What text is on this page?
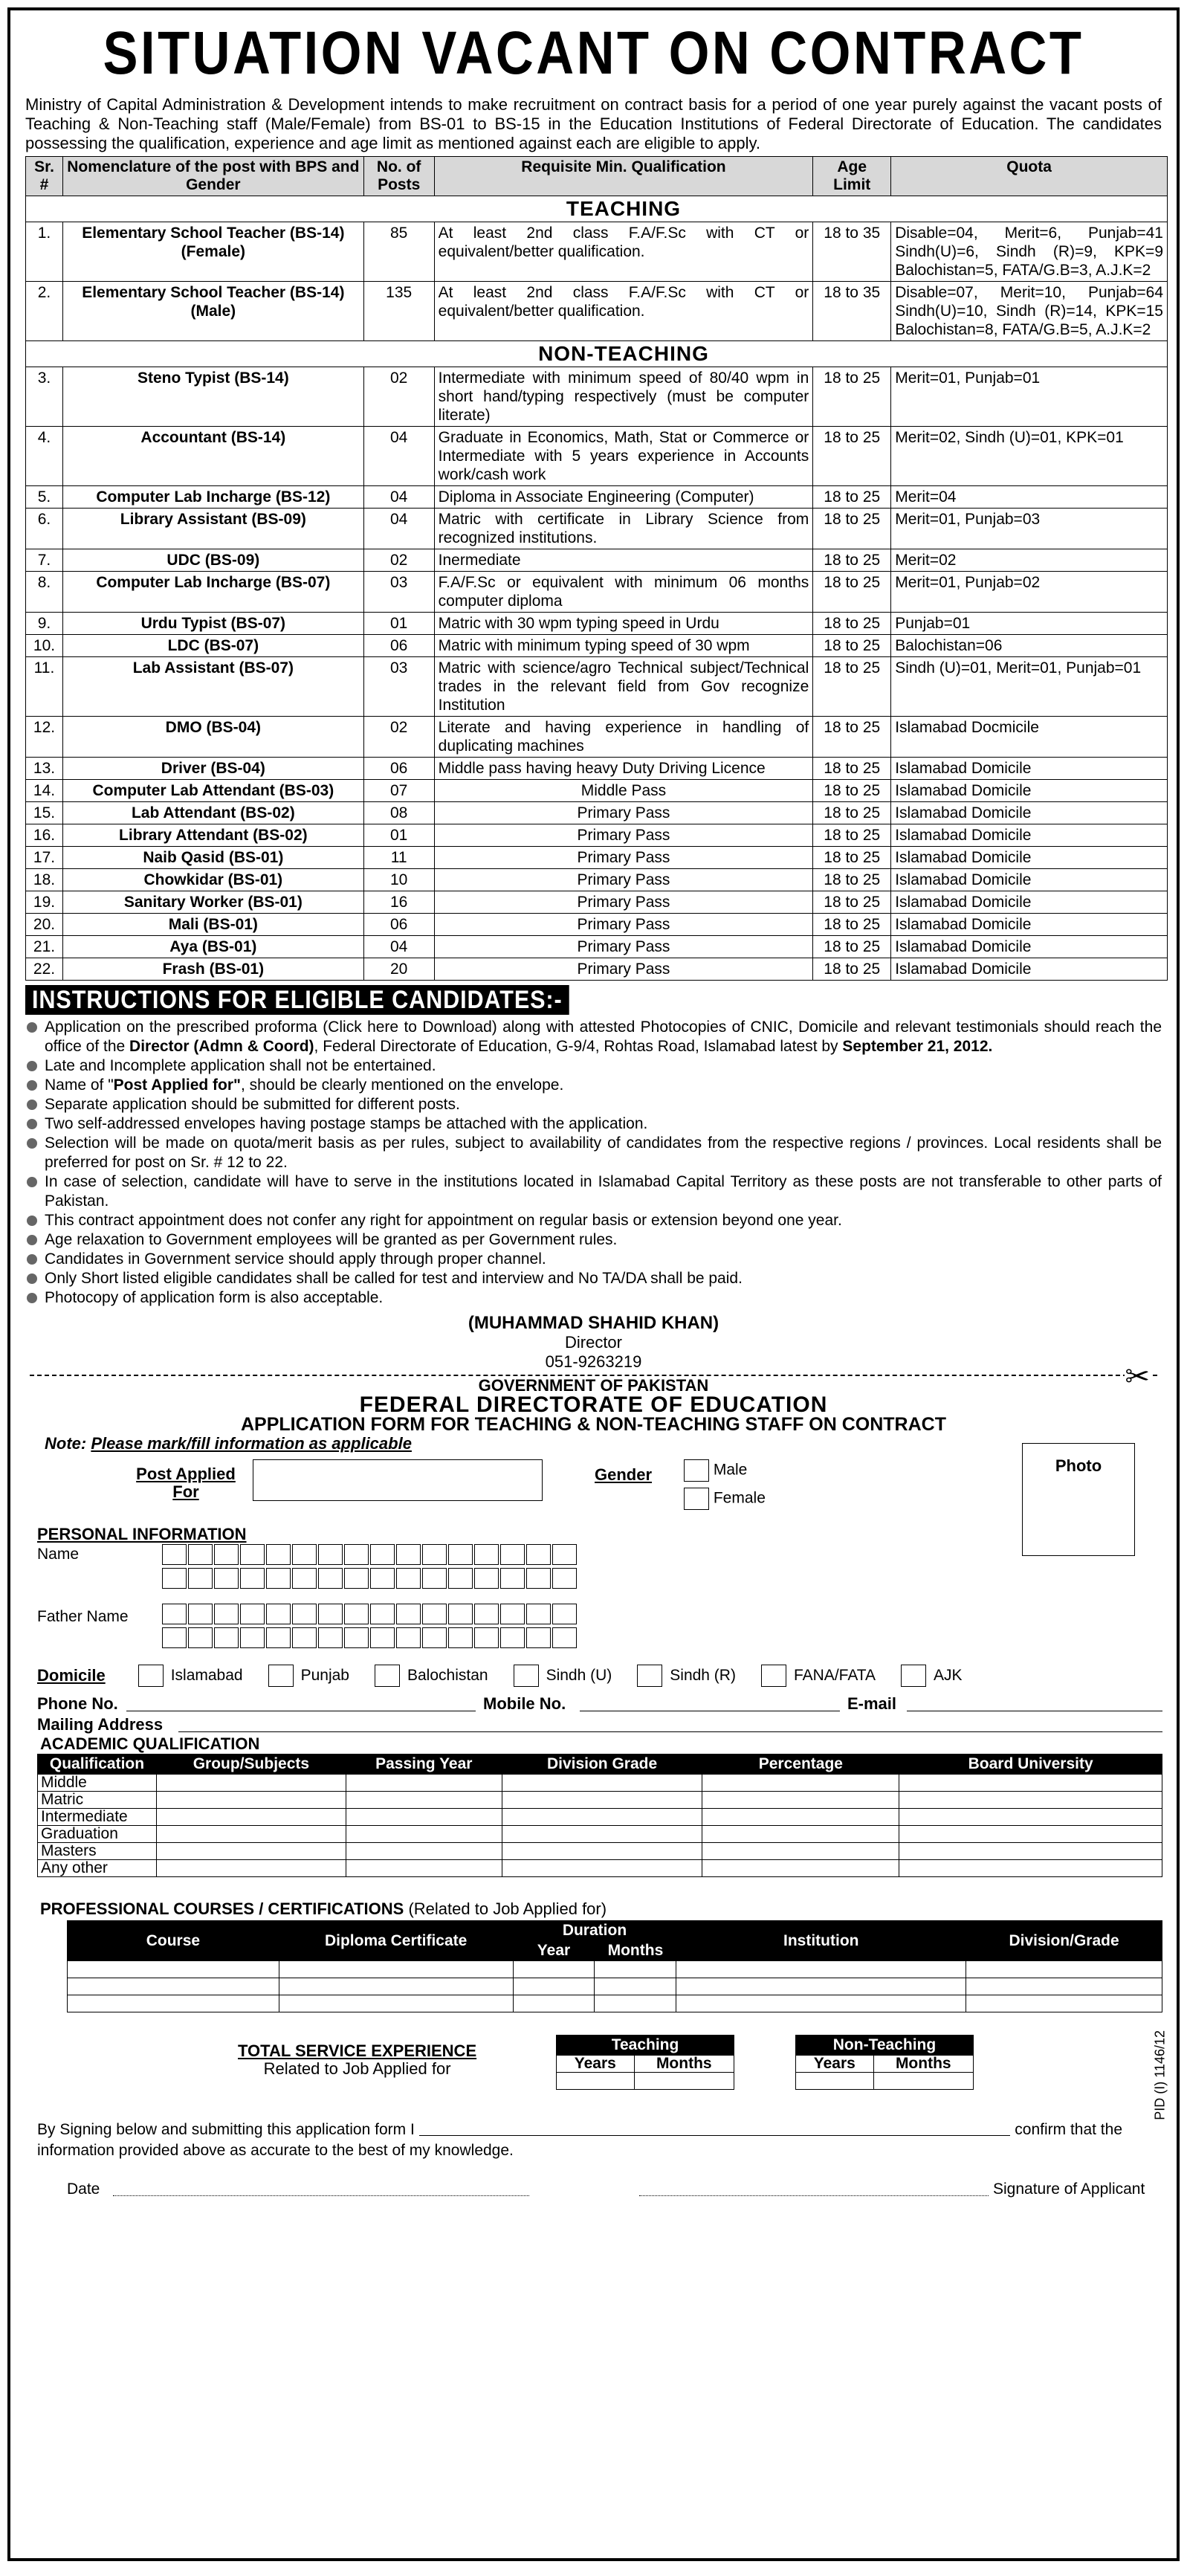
SITUATION VACANT ON CONTRACT
Ministry of Capital Administration & Development intends to make recruitment on contract basis for a period of one year purely against the vacant posts of Teaching & Non-Teaching staff (Male/Female) from BS-01 to BS-15 in the Education Institutions of Federal Directorate of Education. The candidates possessing the qualification, experience and age limit as mentioned against each are eligible to apply.
Sr. #	Nomenclature of the post with BPS and Gender	No. of Posts	Requisite Min. Qualification	Age Limit	Quota
			TEACHING		
1.	Elementary School Teacher (BS-14) (Female)	85	At least 2nd class F.A/F.Sc with CT or equivalent/better qualification.	18 to 35	Disable=04, Merit=6, Punjab=41 Sindh(U)=6, Sindh (R)=9, KPK=9 Balochistan=5, FATA/G.B=3, A.J.K=2
2.	Elementary School Teacher (BS-14) (Male)	135	At least 2nd class F.A/F.Sc with CT or equivalent/better qualification.	18 to 35	Disable=07, Merit=10, Punjab=64 Sindh(U)=10, Sindh (R)=14, KPK=15 Balochistan=8, FATA/G.B=5, A.J.K=2
			NON-TEACHING		
3.	Steno Typist (BS-14)	02	Intermediate with minimum speed of 80/40 wpm in short hand/typing respectively (must be computer literate)	18 to 25	Merit=01, Punjab=01
4.	Accountant (BS-14)	04	Graduate in Economics, Math, Stat or Commerce or Intermediate with 5 years experience in Accounts work/cash work	18 to 25	Merit=02, Sindh (U)=01, KPK=01
5.	Computer Lab Incharge (BS-12)	04	Diploma in Associate Engineering (Computer)	18 to 25	Merit=04
6.	Library Assistant (BS-09)	04	Matric with certificate in Library Science from recognized institutions.	18 to 25	Merit=01, Punjab=03
7.	UDC (BS-09)	02	Inermediate	18 to 25	Merit=02
8.	Computer Lab Incharge (BS-07)	03	F.A/F.Sc or equivalent with minimum 06 months computer diploma	18 to 25	Merit=01, Punjab=02
9.	Urdu Typist (BS-07)	01	Matric with 30 wpm typing speed in Urdu	18 to 25	Punjab=01
10.	LDC (BS-07)	06	Matric with minimum typing speed of 30 wpm	18 to 25	Balochistan=06
11.	Lab Assistant (BS-07)	03	Matric with science/agro Technical subject/Technical trades in the relevant field from Gov recognize Institution	18 to 25	Sindh (U)=01, Merit=01, Punjab=01
12.	DMO (BS-04)	02	Literate and having experience in handling of duplicating machines	18 to 25	Islamabad Docmicile
13.	Driver (BS-04)	06	Middle pass having heavy Duty Driving Licence	18 to 25	Islamabad Domicile
14.	Computer Lab Attendant (BS-03)	07	Middle Pass	18 to 25	Islamabad Domicile
15.	Lab Attendant (BS-02)	08	Primary Pass	18 to 25	Islamabad Domicile
16.	Library Attendant (BS-02)	01	Primary Pass	18 to 25	Islamabad Domicile
17.	Naib Qasid (BS-01)	11	Primary Pass	18 to 25	Islamabad Domicile
18.	Chowkidar (BS-01)	10	Primary Pass	18 to 25	Islamabad Domicile
19.	Sanitary Worker (BS-01)	16	Primary Pass	18 to 25	Islamabad Domicile
20.	Mali (BS-01)	06	Primary Pass	18 to 25	Islamabad Domicile
21.	Aya (BS-01)	04	Primary Pass	18 to 25	Islamabad Domicile
22.	Frash (BS-01)	20	Primary Pass	18 to 25	Islamabad Domicile
INSTRUCTIONS FOR ELIGIBLE CANDIDATES:-
Application on the prescribed proforma (Click here to Download) along with attested Photocopies of CNIC, Domicile and relevant testimonials should reach the office of the Director (Admn & Coord), Federal Directorate of Education, G-9/4, Rohtas Road, Islamabad latest by September 21, 2012.
Late and Incomplete application shall not be entertained.
Name of "Post Applied for", should be clearly mentioned on the envelope.
Separate application should be submitted for different posts.
Two self-addressed envelopes having postage stamps be attached with the application.
Selection will be made on quota/merit basis as per rules, subject to availability of candidates from the respective regions / provinces. Local residents shall be preferred for post on Sr. # 12 to 22.
In case of selection, candidate will have to serve in the institutions located in Islamabad Capital Territory as these posts are not transferable to other parts of Pakistan.
This contract appointment does not confer any right for appointment on regular basis or extension beyond one year.
Age relaxation to Government employees will be granted as per Government rules.
Candidates in Government service should apply through proper channel.
Only Short listed eligible candidates shall be called for test and interview and No TA/DA shall be paid.
Photocopy of application form is also acceptable.
(MUHAMMAD SHAHID KHAN)
Director
051-9263219	✂
GOVERNMENT OF PAKISTAN
FEDERAL DIRECTORATE OF EDUCATION
APPLICATION FORM FOR TEACHING & NON-TEACHING STAFF ON CONTRACT
Note: Please mark/fill information as applicable
Photo
Post Applied For
Gender	Male
Female
PERSONAL INFORMATION
Name
Father Name
Domicile	Islamabad	Punjab	Balochistan	Sindh (U)	Sindh (R)	FANA/FATA	AJK
Phone No.	Mobile No.	E-mail
Mailing Address
ACADEMIC QUALIFICATION
Qualification	Group/Subjects	Passing Year	Division Grade	Percentage	Board University
Middle					
Matric					
Intermediate					
Graduation					
Masters					
Any other					
PROFESSIONAL COURSES / CERTIFICATIONS (Related to Job Applied for)
Course	Diploma Certificate	Duration		Institution	Division/Grade
		Year	Months		

TOTAL SERVICE EXPERIENCE
Related to Job Applied for
Teaching	
Years	Months

Non-Teaching	
Years	Months

By Signing below and submitting this application form I	confirm that the
information provided above as accurate to the best of my knowledge.
Date	Signature of Applicant
PID (I) 1146/12
